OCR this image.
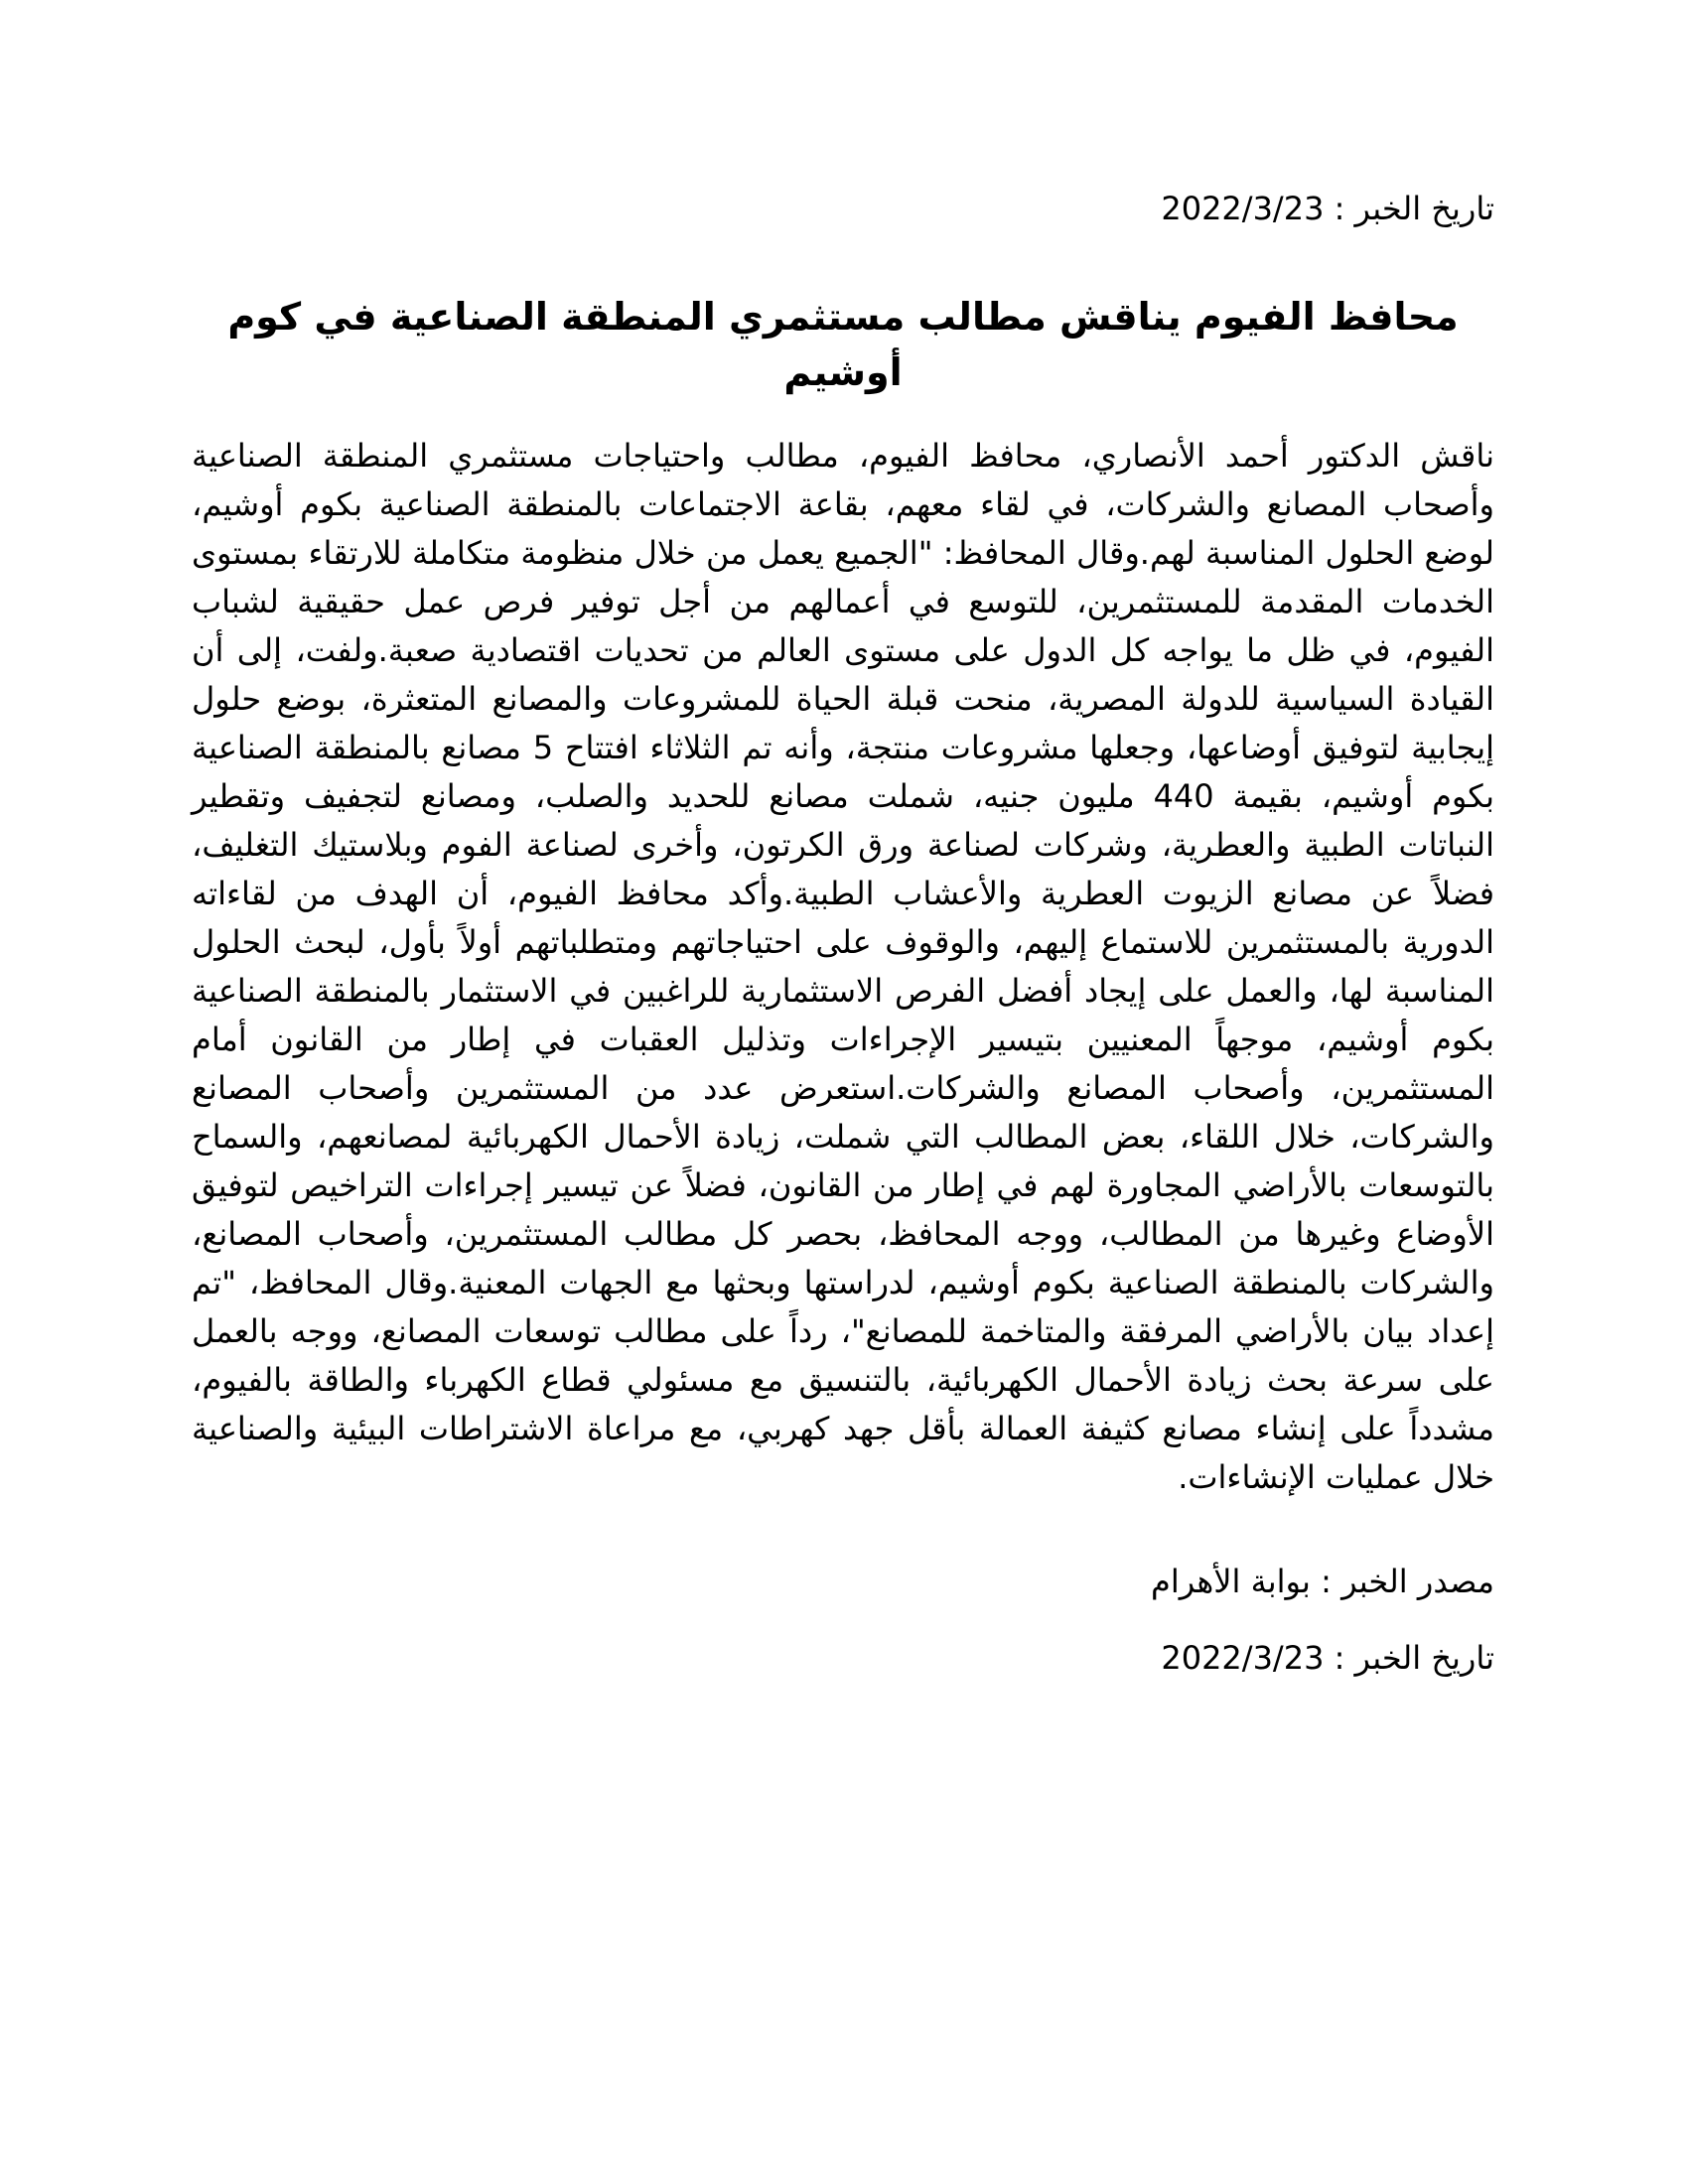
تاريخ الخبر : 2022/3/23
محافظ الفيوم يناقش مطالب مستثمري المنطقة الصناعية في كوم أوشيم

ناقش الدكتور أحمد الأنصاري، محافظ الفيوم، مطالب واحتياجات مستثمري المنطقة الصناعية وأصحاب المصانع والشركات، في لقاء معهم، بقاعة الاجتماعات بالمنطقة الصناعية بكوم أوشيم، لوضع الحلول المناسبة لهم.وقال المحافظ: "الجميع يعمل من خلال منظومة متكاملة للارتقاء بمستوى الخدمات المقدمة للمستثمرين، للتوسع في أعمالهم من أجل توفير فرص عمل حقيقية لشباب الفيوم، في ظل ما يواجه كل الدول على مستوى العالم من تحديات اقتصادية صعبة.ولفت، إلى أن القيادة السياسية للدولة المصرية، منحت قبلة الحياة للمشروعات والمصانع المتعثرة، بوضع حلول إيجابية لتوفيق أوضاعها، وجعلها مشروعات منتجة، وأنه تم الثلاثاء افتتاح 5 مصانع بالمنطقة الصناعية بكوم أوشيم، بقيمة 440 مليون جنيه، شملت مصانع للحديد والصلب، ومصانع لتجفيف وتقطير النباتات الطبية والعطرية، وشركات لصناعة ورق الكرتون، وأخرى لصناعة الفوم وبلاستيك التغليف، فضلاً عن مصانع الزيوت العطرية والأعشاب الطبية.وأكد محافظ الفيوم، أن الهدف من لقاءاته الدورية بالمستثمرين للاستماع إليهم، والوقوف على احتياجاتهم ومتطلباتهم أولاً بأول، لبحث الحلول المناسبة لها، والعمل على إيجاد أفضل الفرص الاستثمارية للراغبين في الاستثمار بالمنطقة الصناعية بكوم أوشيم، موجهاً المعنيين بتيسير الإجراءات وتذليل العقبات في إطار من القانون أمام المستثمرين، وأصحاب المصانع والشركات.استعرض عدد من المستثمرين وأصحاب المصانع والشركات، خلال اللقاء، بعض المطالب التي شملت، زيادة الأحمال الكهربائية لمصانعهم، والسماح بالتوسعات بالأراضي المجاورة لهم في إطار من القانون، فضلاً عن تيسير إجراءات التراخيص لتوفيق الأوضاع وغيرها من المطالب، ووجه المحافظ، بحصر كل مطالب المستثمرين، وأصحاب المصانع، والشركات بالمنطقة الصناعية بكوم أوشيم، لدراستها وبحثها مع الجهات المعنية.وقال المحافظ، "تم إعداد بيان بالأراضي المرفقة والمتاخمة للمصانع"، رداً على مطالب توسعات المصانع، ووجه بالعمل على سرعة بحث زيادة الأحمال الكهربائية، بالتنسيق مع مسئولي قطاع الكهرباء والطاقة بالفيوم، مشدداً على إنشاء مصانع كثيفة العمالة بأقل جهد كهربي، مع مراعاة الاشتراطات البيئية والصناعية خلال عمليات الإنشاءات.

مصدر الخبر : بوابة الأهرام
تاريخ الخبر : 2022/3/23
